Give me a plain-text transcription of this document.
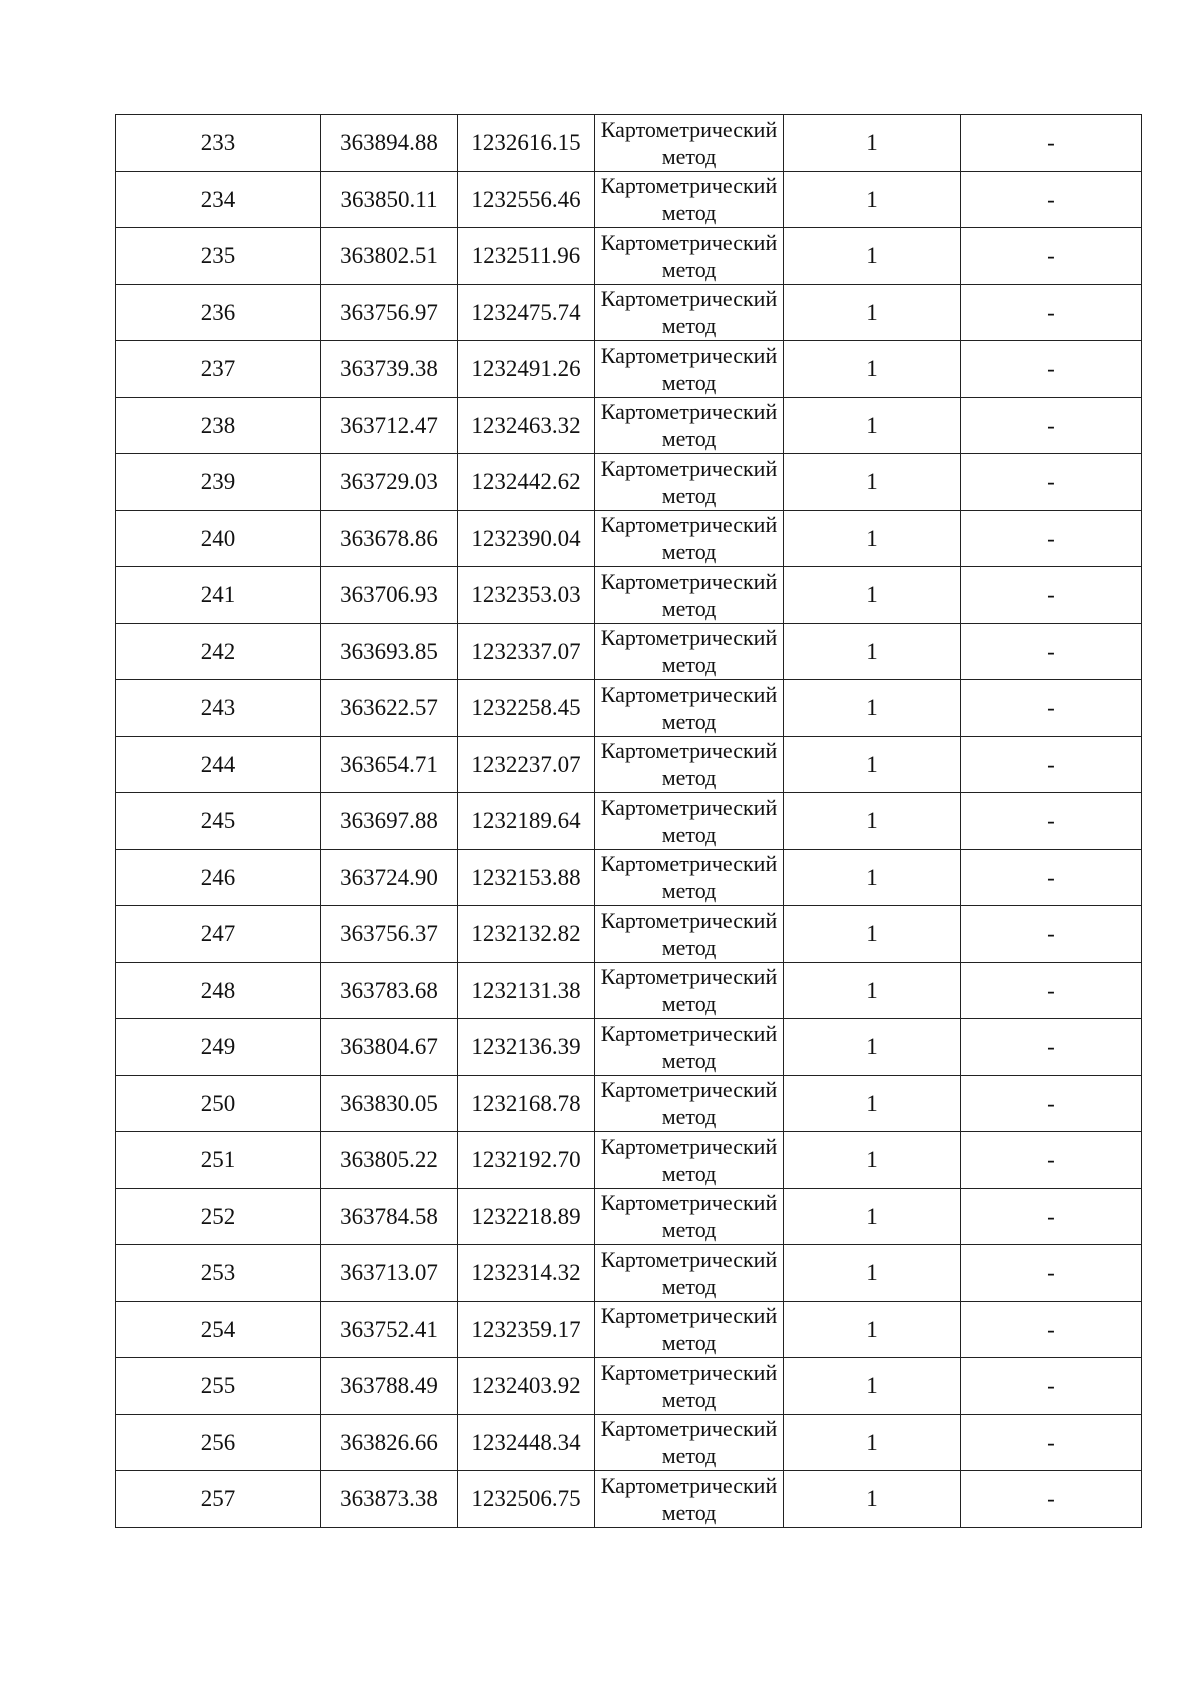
233	363894.88	1232616.15	Картометрический метод	1	-
234	363850.11	1232556.46	Картометрический метод	1	-
235	363802.51	1232511.96	Картометрический метод	1	-
236	363756.97	1232475.74	Картометрический метод	1	-
237	363739.38	1232491.26	Картометрический метод	1	-
238	363712.47	1232463.32	Картометрический метод	1	-
239	363729.03	1232442.62	Картометрический метод	1	-
240	363678.86	1232390.04	Картометрический метод	1	-
241	363706.93	1232353.03	Картометрический метод	1	-
242	363693.85	1232337.07	Картометрический метод	1	-
243	363622.57	1232258.45	Картометрический метод	1	-
244	363654.71	1232237.07	Картометрический метод	1	-
245	363697.88	1232189.64	Картометрический метод	1	-
246	363724.90	1232153.88	Картометрический метод	1	-
247	363756.37	1232132.82	Картометрический метод	1	-
248	363783.68	1232131.38	Картометрический метод	1	-
249	363804.67	1232136.39	Картометрический метод	1	-
250	363830.05	1232168.78	Картометрический метод	1	-
251	363805.22	1232192.70	Картометрический метод	1	-
252	363784.58	1232218.89	Картометрический метод	1	-
253	363713.07	1232314.32	Картометрический метод	1	-
254	363752.41	1232359.17	Картометрический метод	1	-
255	363788.49	1232403.92	Картометрический метод	1	-
256	363826.66	1232448.34	Картометрический метод	1	-
257	363873.38	1232506.75	Картометрический метод	1	-
